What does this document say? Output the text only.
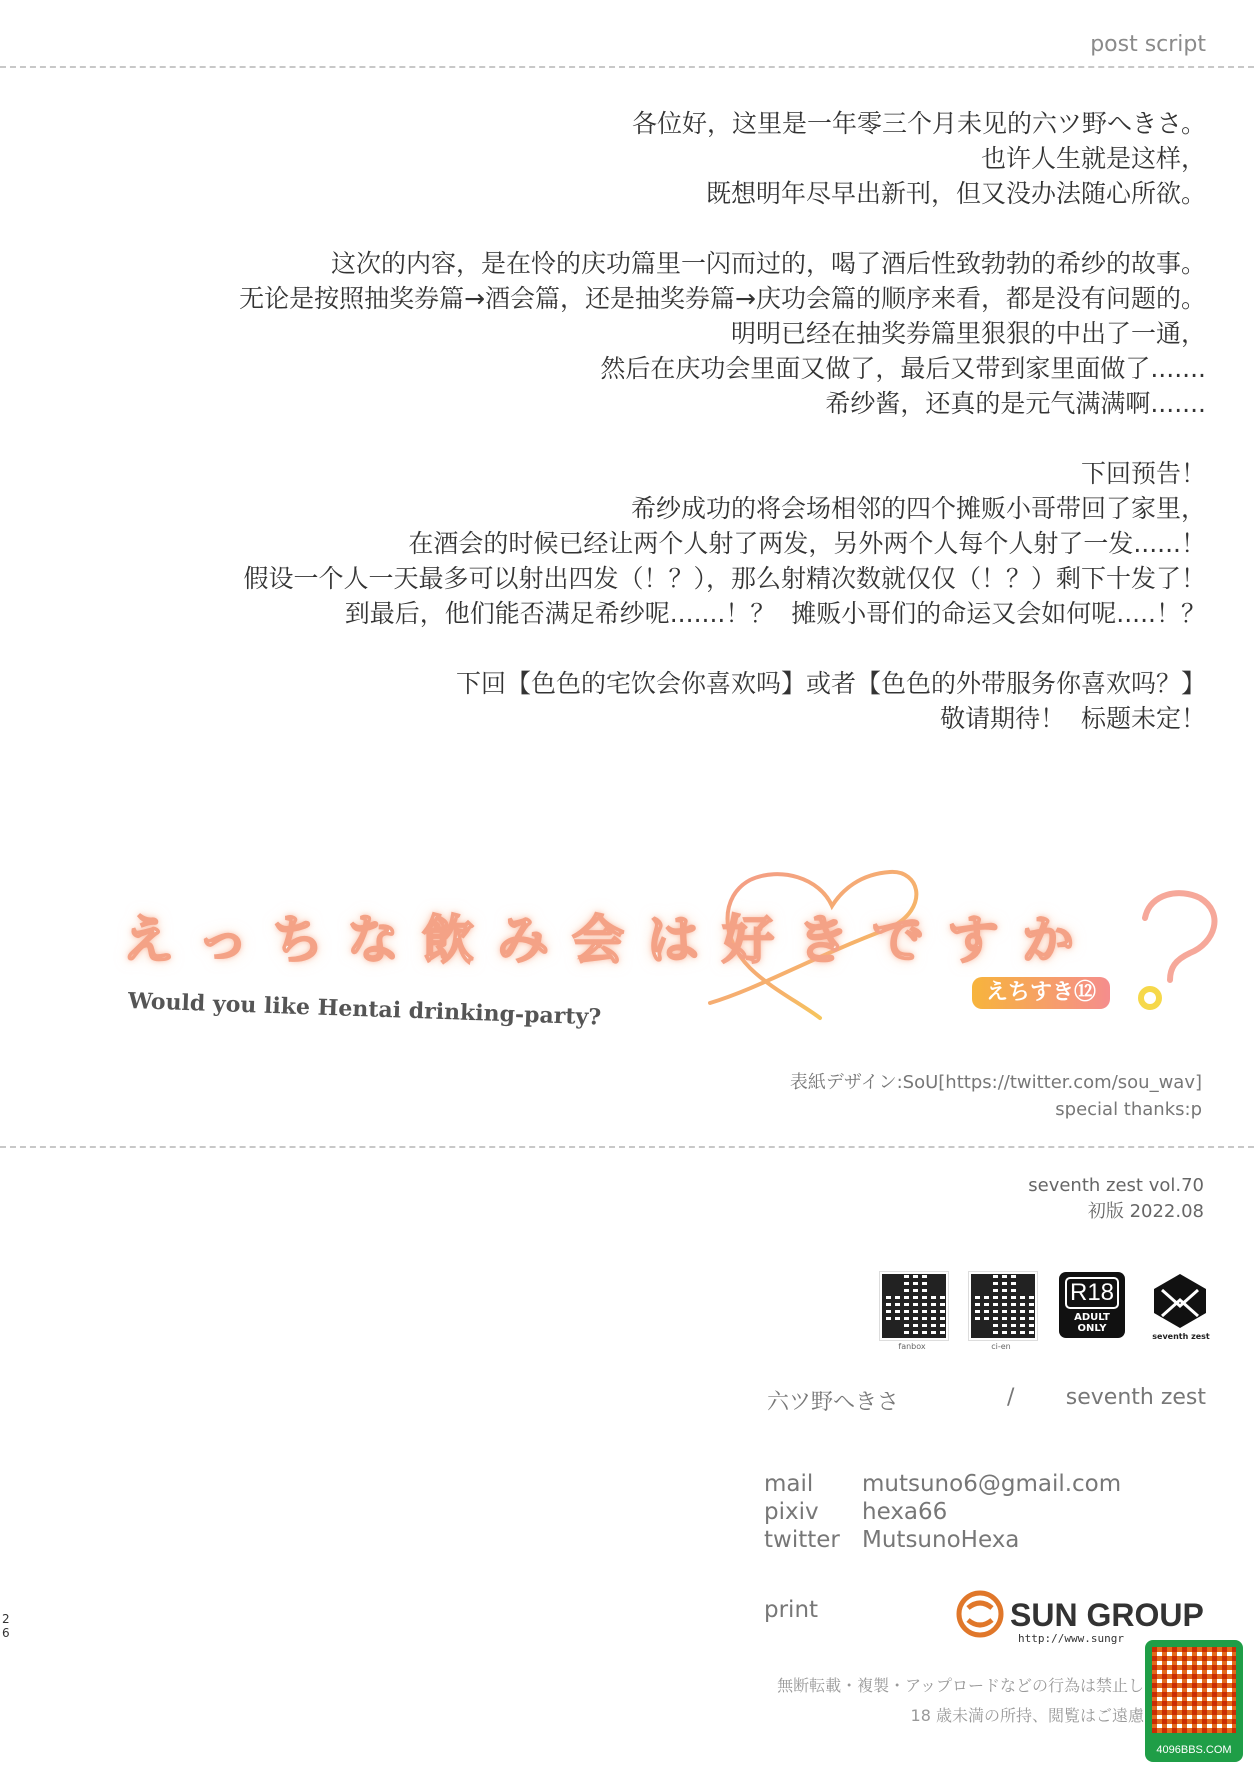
post script
各位好，这里是一年零三个月未见的六ツ野へきさ。
也许人生就是这样，
既想明年尽早出新刊，但又没办法随心所欲。
这次的内容，是在怜的庆功篇里一闪而过的，喝了酒后性致勃勃的希纱的故事。
无论是按照抽奖券篇→酒会篇，还是抽奖券篇→庆功会篇的顺序来看，都是没有问题的。
明明已经在抽奖券篇里狠狠的中出了一通，
然后在庆功会里面又做了，最后又带到家里面做了.......
希纱酱，还真的是元气满满啊.......
下回预告！
希纱成功的将会场相邻的四个摊贩小哥带回了家里，
在酒会的时候已经让两个人射了两发，另外两个人每个人射了一发......！
假设一个人一天最多可以射出四发（！？），那么射精次数就仅仅（！？）剩下十发了！
到最后，他们能否满足希纱呢.......！？  摊贩小哥们的命运又会如何呢.....！？
下回【色色的宅饮会你喜欢吗】或者【色色的外带服务你喜欢吗？】
敬请期待！  标题未定！
えっちな飲み会は好きですか
Would you like Hentai drinking-party?	えちすき⑫
表紙デザイン:SoU[https://twitter.com/sou_wav]
special thanks:p
seventh zest vol.70
初版 2022.08
fanbox	ci-en
R18
ADULT ONLY
seventh zest
六ツ野へきさ	/ seventh zest
mail mutsuno6@gmail.com
pixiv hexa66
twitter MutsunoHexa
print	SUN GROUP
http://www.sungr
無断転載・複製・アップロードなどの行為は禁止し
18 歳未満の所持、閲覧はご遠慮
2
6
4096BBS.COM
